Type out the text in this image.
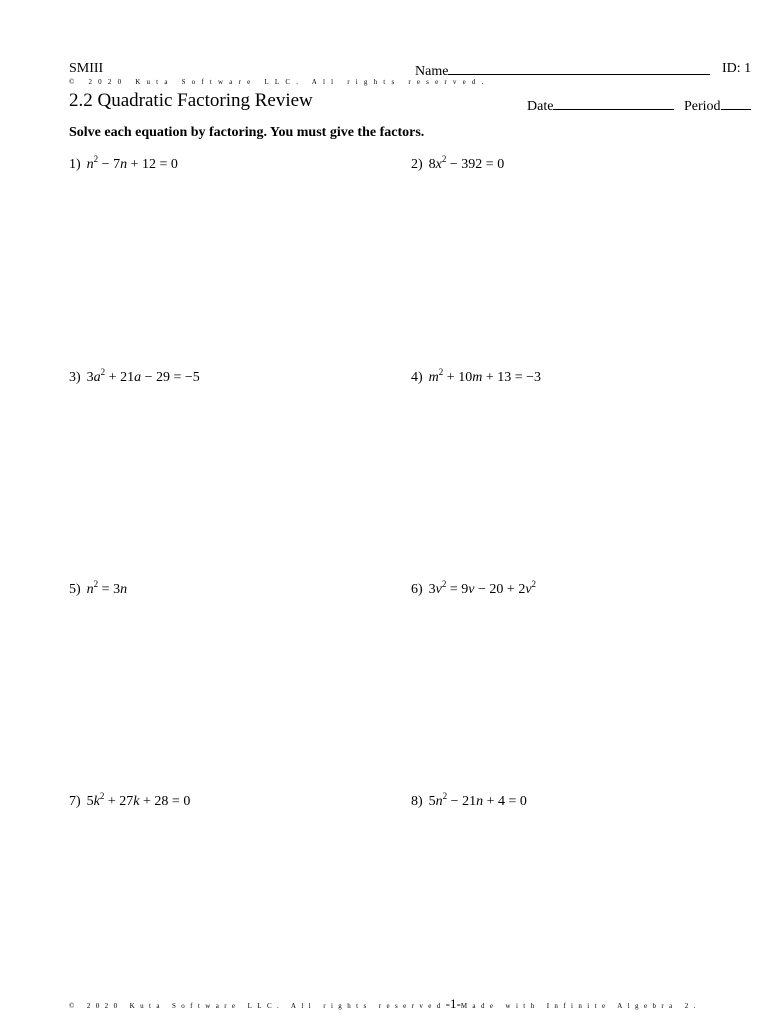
SMIII	Name	ID: 1
© 2020 Kuta Software LLC. All rights reserved.
2.2 Quadratic Factoring Review	Date	Period
Solve each equation by factoring. You must give the factors.
1) $n^2 - 7n + 12 = 0$	2) $8x^2 - 392 = 0$
3) $3a^2 + 21a - 29 = -5$	4) $m^2 + 10m + 13 = -3$
5) $n^2 = 3n$	6) $3v^2 = 9v - 20 + 2v^2$
7) $5k^2 + 27k + 28 = 0$	8) $5n^2 - 21n + 4 = 0$
© 2020 Kuta Software LLC. All rights reserved-1-Made with Infinite Algebra 2.
